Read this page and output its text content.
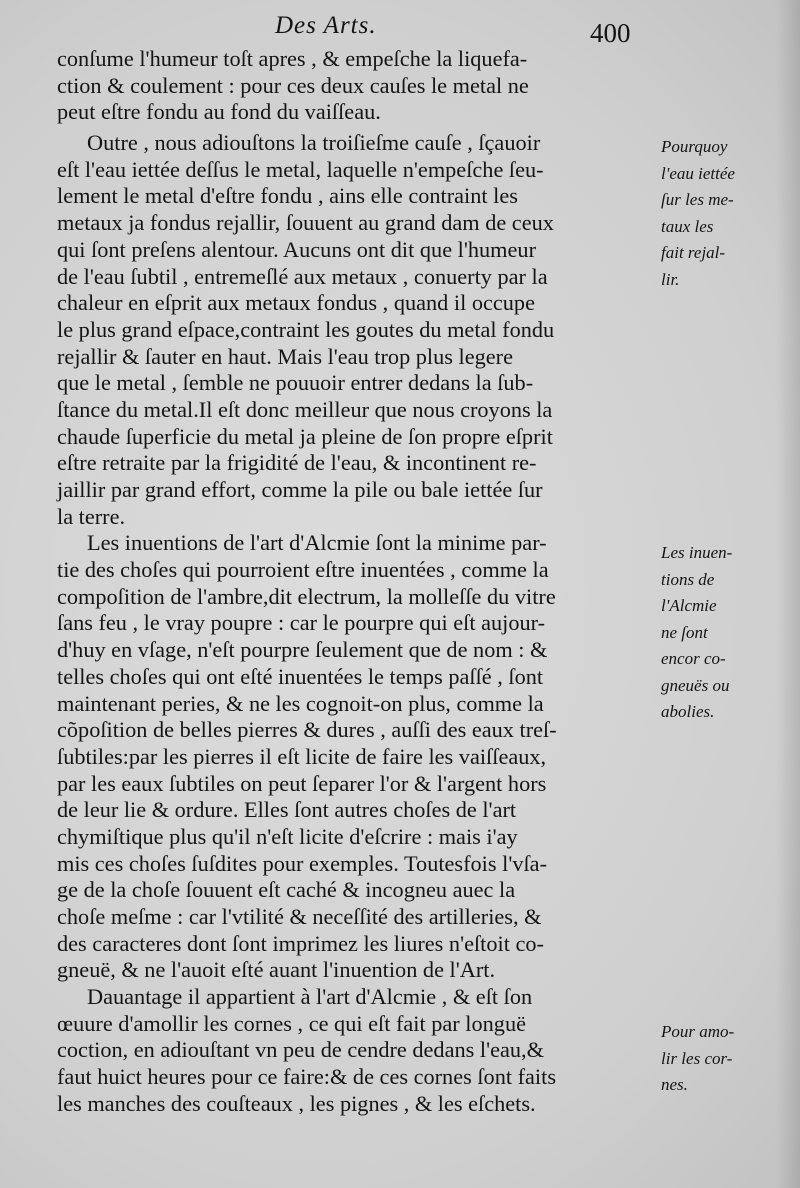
Des Arts.	400
conſume l'humeur toſt apres , & empeſche la liquefa-
ction & coulement : pour ces deux cauſes le metal ne
peut eſtre fondu au fond du vaiſſeau.
Outre , nous adiouſtons la troiſieſme cauſe , ſçauoir
eſt l'eau iettée deſſus le metal, laquelle n'empeſche ſeu-
lement le metal d'eſtre fondu , ains elle contraint les
metaux ja fondus rejallir, ſouuent au grand dam de ceux
qui ſont preſens alentour. Aucuns ont dit que l'humeur
de l'eau ſubtil , entremeſlé aux metaux , conuerty par la
chaleur en eſprit aux metaux fondus , quand il occupe
le plus grand eſpace,contraint les goutes du metal fondu
rejallir & ſauter en haut. Mais l'eau trop plus legere
que le metal , ſemble ne pouuoir entrer dedans la ſub-
ſtance du metal.Il eſt donc meilleur que nous croyons la
chaude ſuperficie du metal ja pleine de ſon propre eſprit
eſtre retraite par la frigidité de l'eau, & incontinent re-
jaillir par grand effort, comme la pile ou bale iettée ſur
la terre.
Les inuentions de l'art d'Alcmie ſont la minime par-
tie des choſes qui pourroient eſtre inuentées , comme la
compoſition de l'ambre,dit electrum, la molleſſe du vitre
ſans feu , le vray poupre : car le pourpre qui eſt aujour-
d'huy en vſage, n'eſt pourpre ſeulement que de nom : &
telles choſes qui ont eſté inuentées le temps paſſé , ſont
maintenant peries, & ne les cognoit-on plus, comme la
cõpoſition de belles pierres & dures , auſſi des eaux treſ-
ſubtiles:par les pierres il eſt licite de faire les vaiſſeaux,
par les eaux ſubtiles on peut ſeparer l'or & l'argent hors
de leur lie & ordure. Elles ſont autres choſes de l'art
chymiſtique plus qu'il n'eſt licite d'eſcrire : mais i'ay
mis ces choſes ſuſdites pour exemples. Toutesfois l'vſa-
ge de la choſe ſouuent eſt caché & incogneu auec la
choſe meſme : car l'vtilité & neceſſité des artilleries, &
des caracteres dont ſont imprimez les liures n'eſtoit co-
gneuë, & ne l'auoit eſté auant l'inuention de l'Art.
Dauantage il appartient à l'art d'Alcmie , & eſt ſon
œuure d'amollir les cornes , ce qui eſt fait par longuë
coction, en adiouſtant vn peu de cendre dedans l'eau,&
faut huict heures pour ce faire:& de ces cornes ſont faits
les manches des couſteaux , les pignes , & les eſchets.
Pourquoy
l'eau iettée
ſur les me-
taux les
fait rejal-
lir.
Les inuen-
tions de
l'Alcmie
ne ſont
encor co-
gneuës ou
abolies.
Pour amo-
lir les cor-
nes.
